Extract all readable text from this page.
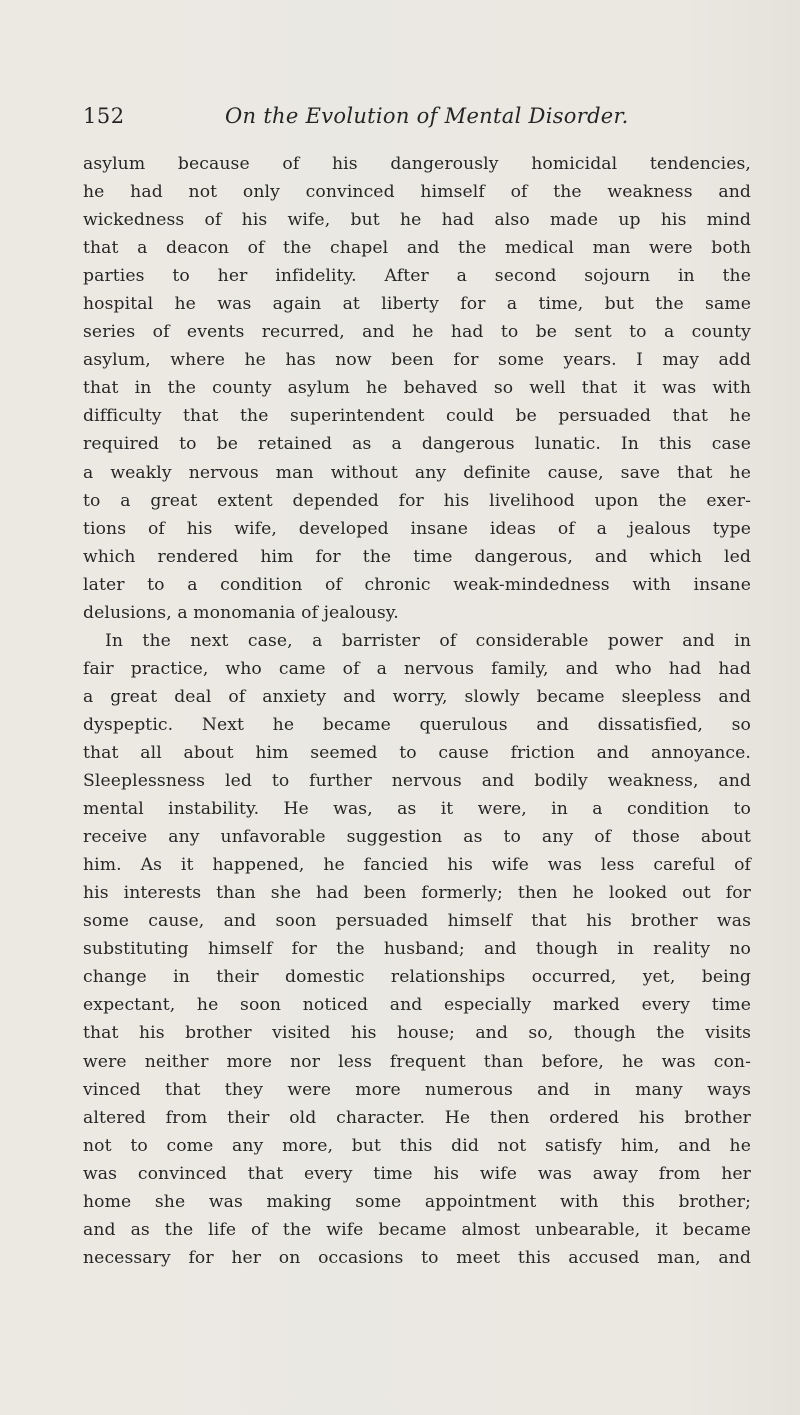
152	On the Evolution of Mental Disorder.
asylum because of his dangerously homicidal tendencies,
he had not only convinced himself of the weakness and
wickedness of his wife, but he had also made up his mind
that a deacon of the chapel and the medical man were both
parties to her infidelity. After a second sojourn in the
hospital he was again at liberty for a time, but the same
series of events recurred, and he had to be sent to a county
asylum, where he has now been for some years. I may add
that in the county asylum he behaved so well that it was with
difficulty that the superintendent could be persuaded that he
required to be retained as a dangerous lunatic. In this case
a weakly nervous man without any definite cause, save that he
to a great extent depended for his livelihood upon the exer-
tions of his wife, developed insane ideas of a jealous type
which rendered him for the time dangerous, and which led
later to a condition of chronic weak-mindedness with insane
delusions, a monomania of jealousy.
In the next case, a barrister of considerable power and in
fair practice, who came of a nervous family, and who had had
a great deal of anxiety and worry, slowly became sleepless and
dyspeptic. Next he became querulous and dissatisfied, so
that all about him seemed to cause friction and annoyance.
Sleeplessness led to further nervous and bodily weakness, and
mental instability. He was, as it were, in a condition to
receive any unfavorable suggestion as to any of those about
him. As it happened, he fancied his wife was less careful of
his interests than she had been formerly; then he looked out for
some cause, and soon persuaded himself that his brother was
substituting himself for the husband; and though in reality no
change in their domestic relationships occurred, yet, being
expectant, he soon noticed and especially marked every time
that his brother visited his house; and so, though the visits
were neither more nor less frequent than before, he was con-
vinced that they were more numerous and in many ways
altered from their old character. He then ordered his brother
not to come any more, but this did not satisfy him, and he
was convinced that every time his wife was away from her
home she was making some appointment with this brother;
and as the life of the wife became almost unbearable, it became
necessary for her on occasions to meet this accused man, and
